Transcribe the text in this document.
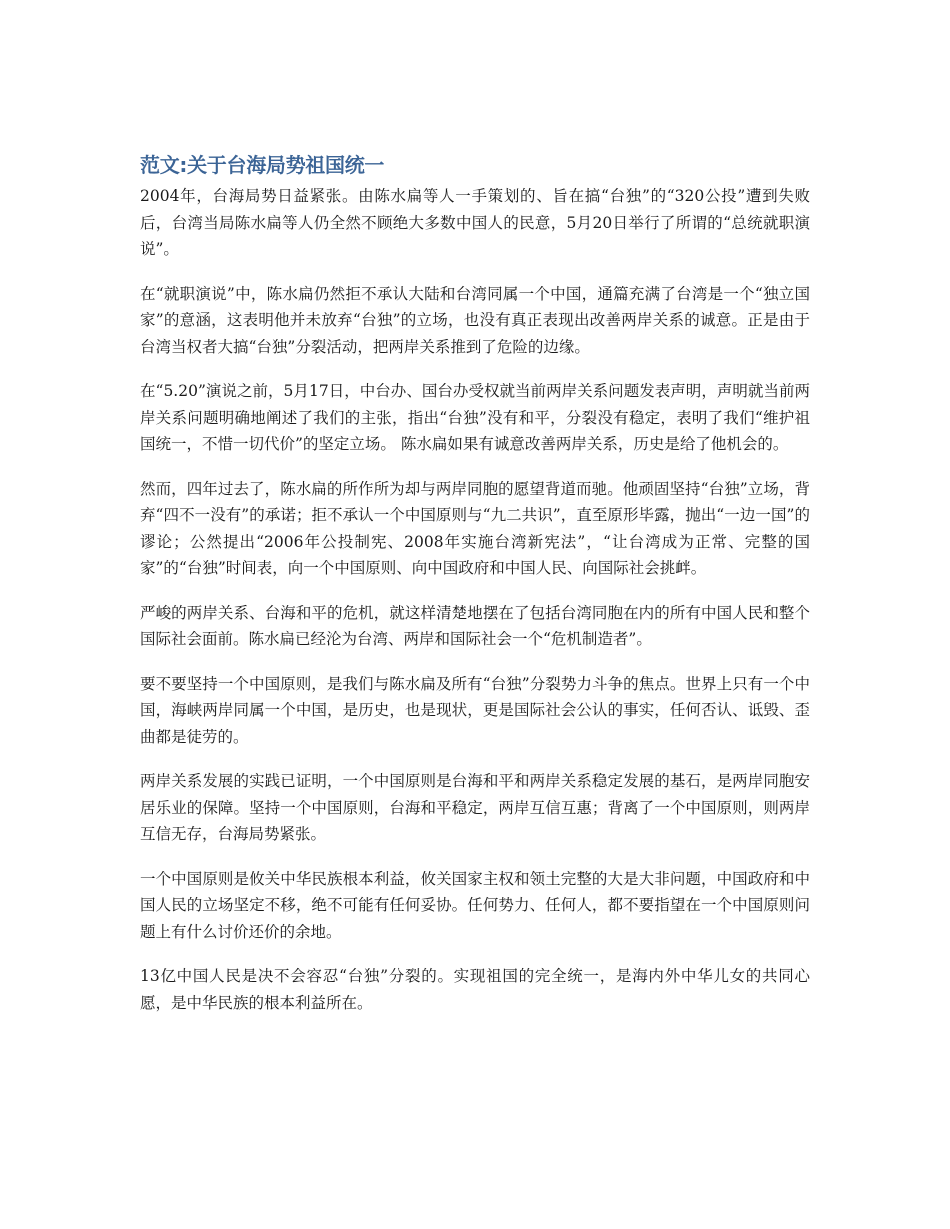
范文:关于台海局势祖国统一

2004年，台海局势日益紧张。由陈水扁等人一手策划的、旨在搞“台独”的“320公投”遭到失败后，台湾当局陈水扁等人仍全然不顾绝大多数中国人的民意，5月20日举行了所谓的“总统就职演说”。

在“就职演说”中，陈水扁仍然拒不承认大陆和台湾同属一个中国，通篇充满了台湾是一个“独立国家”的意涵，这表明他并未放弃“台独”的立场，也没有真正表现出改善两岸关系的诚意。正是由于台湾当权者大搞“台独”分裂活动，把两岸关系推到了危险的边缘。

在“5.20”演说之前，5月17日，中台办、国台办受权就当前两岸关系问题发表声明，声明就当前两岸关系问题明确地阐述了我们的主张，指出“台独”没有和平，分裂没有稳定，表明了我们“维护祖国统一，不惜一切代价”的坚定立场。 陈水扁如果有诚意改善两岸关系，历史是给了他机会的。

然而，四年过去了，陈水扁的所作所为却与两岸同胞的愿望背道而驰。他顽固坚持“台独”立场，背弃“四不一没有”的承诺；拒不承认一个中国原则与“九二共识”，直至原形毕露，抛出“一边一国”的谬论；公然提出“2006年公投制宪、2008年实施台湾新宪法”，“让台湾成为正常、完整的国家”的“台独”时间表，向一个中国原则、向中国政府和中国人民、向国际社会挑衅。

严峻的两岸关系、台海和平的危机，就这样清楚地摆在了包括台湾同胞在内的所有中国人民和整个国际社会面前。陈水扁已经沦为台湾、两岸和国际社会一个“危机制造者”。

要不要坚持一个中国原则，是我们与陈水扁及所有“台独”分裂势力斗争的焦点。世界上只有一个中国，海峡两岸同属一个中国，是历史，也是现状，更是国际社会公认的事实，任何否认、诋毁、歪曲都是徒劳的。

两岸关系发展的实践已证明，一个中国原则是台海和平和两岸关系稳定发展的基石，是两岸同胞安居乐业的保障。坚持一个中国原则，台海和平稳定，两岸互信互惠；背离了一个中国原则，则两岸互信无存，台海局势紧张。

一个中国原则是攸关中华民族根本利益，攸关国家主权和领土完整的大是大非问题，中国政府和中国人民的立场坚定不移，绝不可能有任何妥协。任何势力、任何人，都不要指望在一个中国原则问题上有什么讨价还价的余地。

13亿中国人民是决不会容忍“台独”分裂的。实现祖国的完全统一，是海内外中华儿女的共同心愿，是中华民族的根本利益所在。
